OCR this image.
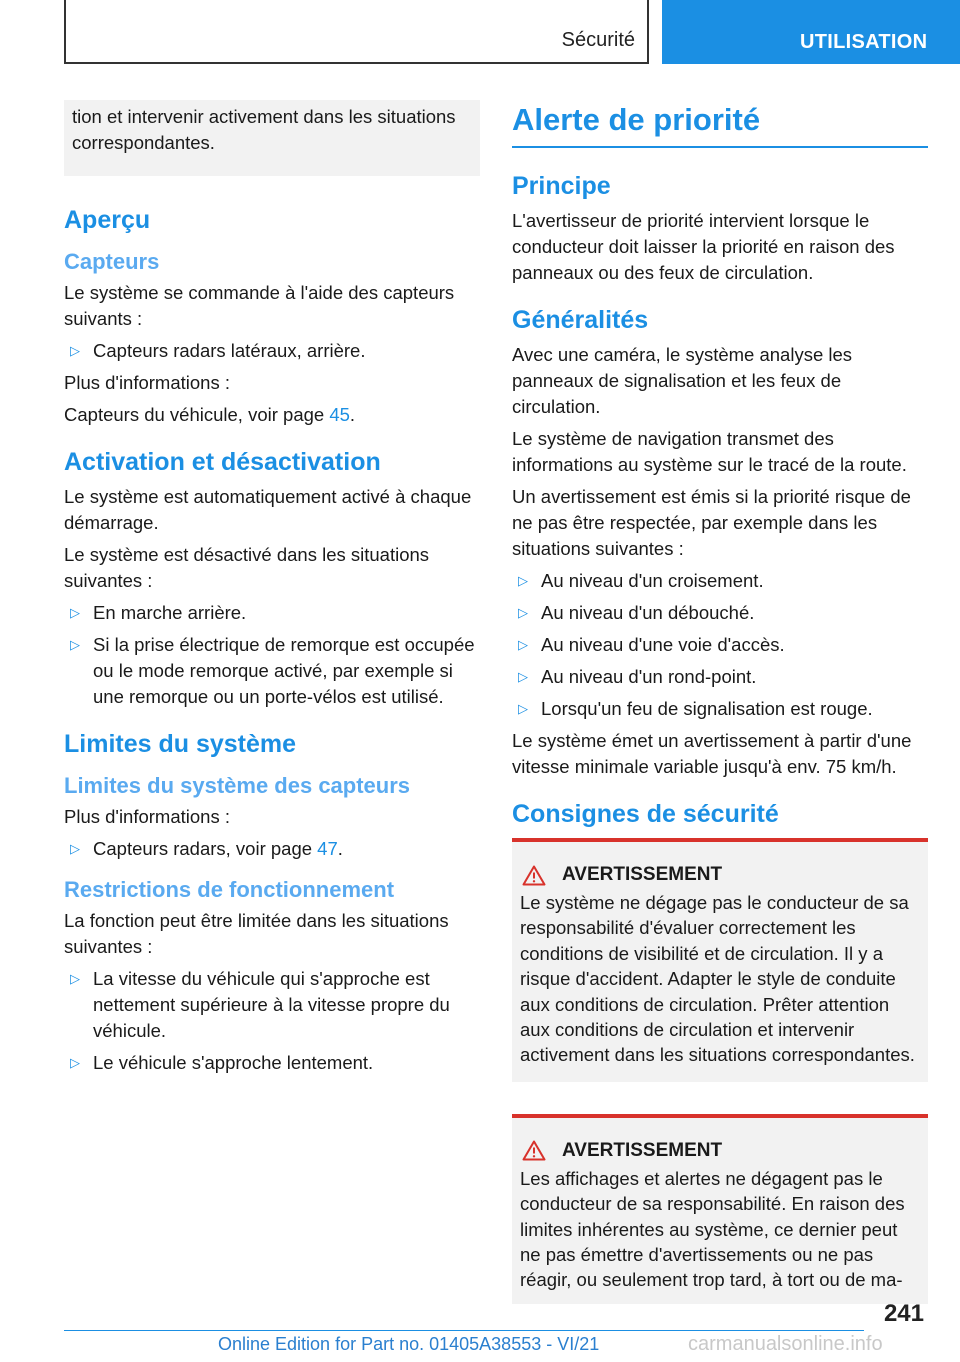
Sécurité	UTILISATION

tion et intervenir activement dans les situations correspondantes.

Aperçu
Capteurs

Le système se commande à l'aide des capteurs suivants :

▷ Capteurs radars latéraux, arrière.

Plus d'informations :

Capteurs du véhicule, voir page 45.

Activation et désactivation

Le système est automatiquement activé à chaque démarrage.

Le système est désactivé dans les situations suivantes :

▷ En marche arrière.
▷ Si la prise électrique de remorque est occupée ou le mode remorque activé, par exemple si une remorque ou un porte-vélos est utilisé.
Limites du système
Limites du système des capteurs

Plus d'informations :

▷ Capteurs radars, voir page 47.
Restrictions de fonctionnement

La fonction peut être limitée dans les situations suivantes :

▷ La vitesse du véhicule qui s'approche est nettement supérieure à la vitesse propre du véhicule.
▷ Le véhicule s'approche lentement.
Alerte de priorité
Principe

L'avertisseur de priorité intervient lorsque le conducteur doit laisser la priorité en raison des panneaux ou des feux de circulation.

Généralités

Avec une caméra, le système analyse les panneaux de signalisation et les feux de circulation.

Le système de navigation transmet des informations au système sur le tracé de la route.

Un avertissement est émis si la priorité risque de ne pas être respectée, par exemple dans les situations suivantes :

▷ Au niveau d'un croisement.
▷ Au niveau d'un débouché.
▷ Au niveau d'une voie d'accès.
▷ Au niveau d'un rond-point.
▷ Lorsqu'un feu de signalisation est rouge.

Le système émet un avertissement à partir d'une vitesse minimale variable jusqu'à env. 75 km/h.

Consignes de sécurité
AVERTISSEMENT

Le système ne dégage pas le conducteur de sa responsabilité d'évaluer correctement les conditions de visibilité et de circulation. Il y a risque d'accident. Adapter le style de conduite aux conditions de circulation. Prêter attention aux conditions de circulation et intervenir activement dans les situations correspondantes.

AVERTISSEMENT

Les affichages et alertes ne dégagent pas le conducteur de sa responsabilité. En raison des limites inhérentes au système, ce dernier peut ne pas émettre d'avertissements ou ne pas réagir, ou seulement trop tard, à tort ou de ma-

241
Online Edition for Part no. 01405A38553 - VI/21	carmanualsonline.info
